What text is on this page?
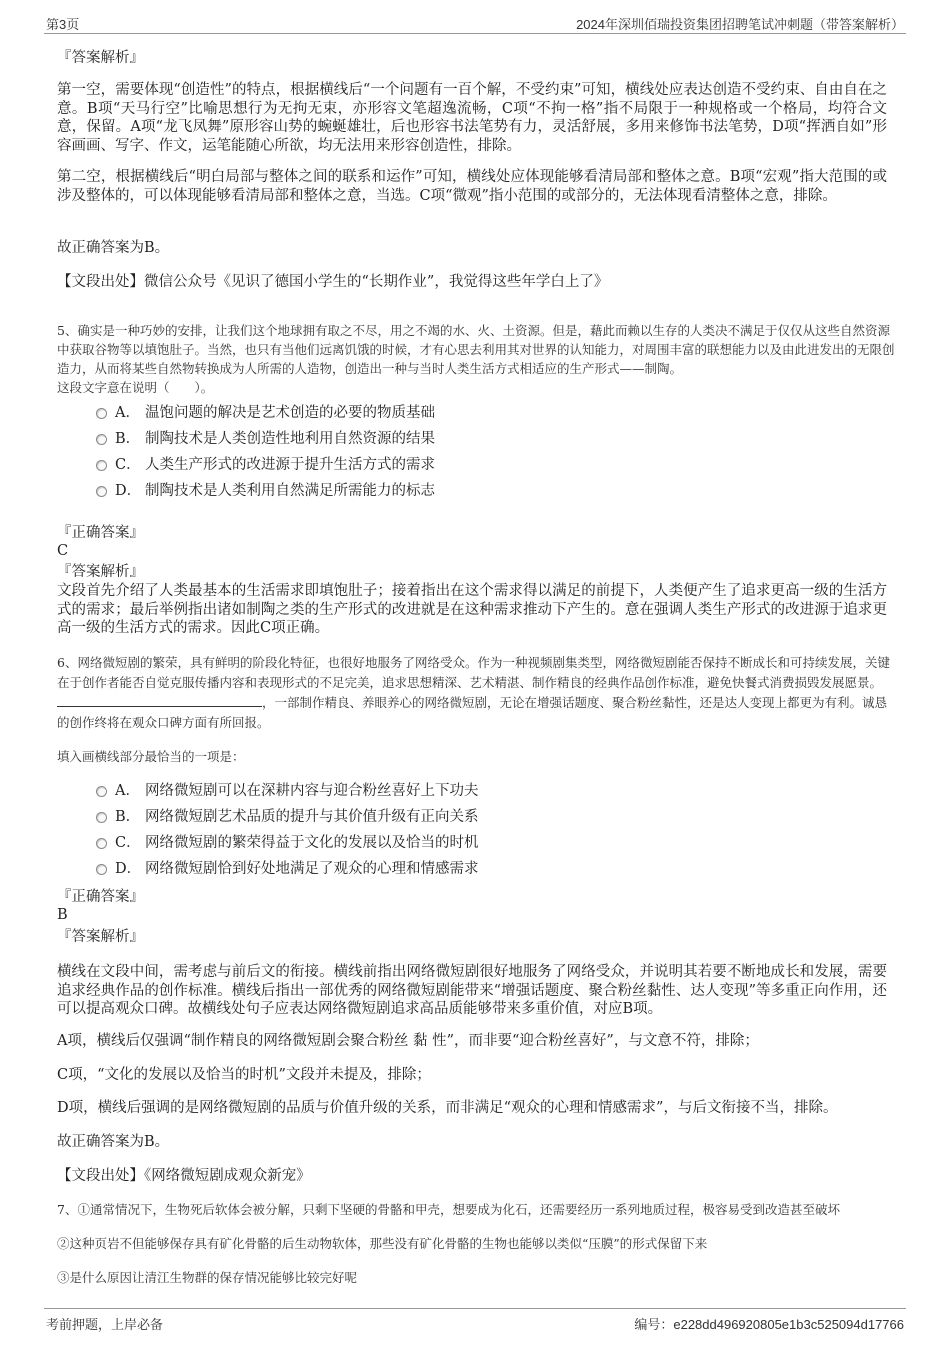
第3页	2024年深圳佰瑞投资集团招聘笔试冲刺题（带答案解析）
『答案解析』

第一空，需要体现“创造性”的特点，根据横线后“一个问题有一百个解，不受约束”可知，横线处应表达创造不受约束、自由自在之意。B项“天马行空”比喻思想行为无拘无束，亦形容文笔超逸流畅，C项“不拘一格”指不局限于一种规格或一个格局，均符合文意，保留。A项“龙飞凤舞”原形容山势的蜿蜒雄壮，后也形容书法笔势有力，灵活舒展，多用来修饰书法笔势，D项“挥洒自如”形容画画、写字、作文，运笔能随心所欲，均无法用来形容创造性，排除。

第二空，根据横线后“明白局部与整体之间的联系和运作”可知，横线处应体现能够看清局部和整体之意。B项“宏观”指大范围的或涉及整体的，可以体现能够看清局部和整体之意，当选。C项“微观”指小范围的或部分的，无法体现看清整体之意，排除。

故正确答案为B。
【文段出处】微信公众号《见识了德国小学生的“长期作业”，我觉得这些年学白上了》

5、确实是一种巧妙的安排，让我们这个地球拥有取之不尽，用之不竭的水、火、土资源。但是，藉此而赖以生存的人类决不满足于仅仅从这些自然资源中获取谷物等以填饱肚子。当然，也只有当他们远离饥饿的时候，才有心思去利用其对世界的认知能力，对周围丰富的联想能力以及由此进发出的无限创造力，从而将某些自然物转换成为人所需的人造物，创造出一种与当时人类生活方式相适应的生产形式——制陶。
这段文字意在说明（　　）。

A． 温饱问题的解决是艺术创造的必要的物质基础
B． 制陶技术是人类创造性地利用自然资源的结果
C． 人类生产形式的改进源于提升生活方式的需求
D． 制陶技术是人类利用自然满足所需能力的标志
『正确答案』
C
『答案解析』

文段首先介绍了人类最基本的生活需求即填饱肚子；接着指出在这个需求得以满足的前提下，人类便产生了追求更高一级的生活方式的需求；最后举例指出诸如制陶之类的生产形式的改进就是在这种需求推动下产生的。意在强调人类生产形式的改进源于追求更高一级的生活方式的需求。因此C项正确。

6、网络微短剧的繁荣，具有鲜明的阶段化特征，也很好地服务了网络受众。作为一种视频剧集类型，网络微短剧能否保持不断成长和可持续发展，关键在于创作者能否自觉克服传播内容和表现形式的不足完美，追求思想精深、艺术精湛、制作精良的经典作品创作标准，避免快餐式消费损毁发展愿景。，一部制作精良、养眼养心的网络微短剧，无论在增强话题度、聚合粉丝黏性，还是达人变现上都更为有利。诚恳的创作终将在观众口碑方面有所回报。

填入画横线部分最恰当的一项是：
A． 网络微短剧可以在深耕内容与迎合粉丝喜好上下功夫
B． 网络微短剧艺术品质的提升与其价值升级有正向关系
C． 网络微短剧的繁荣得益于文化的发展以及恰当的时机
D． 网络微短剧恰到好处地满足了观众的心理和情感需求
『正确答案』
B
『答案解析』

横线在文段中间，需考虑与前后文的衔接。横线前指出网络微短剧很好地服务了网络受众，并说明其若要不断地成长和发展，需要追求经典作品的创作标准。横线后指出一部优秀的网络微短剧能带来“增强话题度、聚合粉丝黏性、达人变现”等多重正向作用，还可以提高观众口碑。故横线处句子应表达网络微短剧追求高品质能够带来多重价值，对应B项。

A项，横线后仅强调“制作精良的网络微短剧会聚合粉丝 黏 性”，而非要“迎合粉丝喜好”，与文意不符，排除；
C项，“文化的发展以及恰当的时机”文段并未提及，排除；
D项，横线后强调的是网络微短剧的品质与价值升级的关系，而非满足“观众的心理和情感需求”，与后文衔接不当，排除。
故正确答案为B。
【文段出处】《网络微短剧成观众新宠》
7、①通常情况下，生物死后软体会被分解，只剩下坚硬的骨骼和甲壳，想要成为化石，还需要经历一系列地质过程，极容易受到改造甚至破坏
②这种页岩不但能够保存具有矿化骨骼的后生动物软体，那些没有矿化骨骼的生物也能够以类似“压膜”的形式保留下来
③是什么原因让清江生物群的保存情况能够比较完好呢
考前押题，上岸必备	编号：e228dd496920805e1b3c525094d17766
